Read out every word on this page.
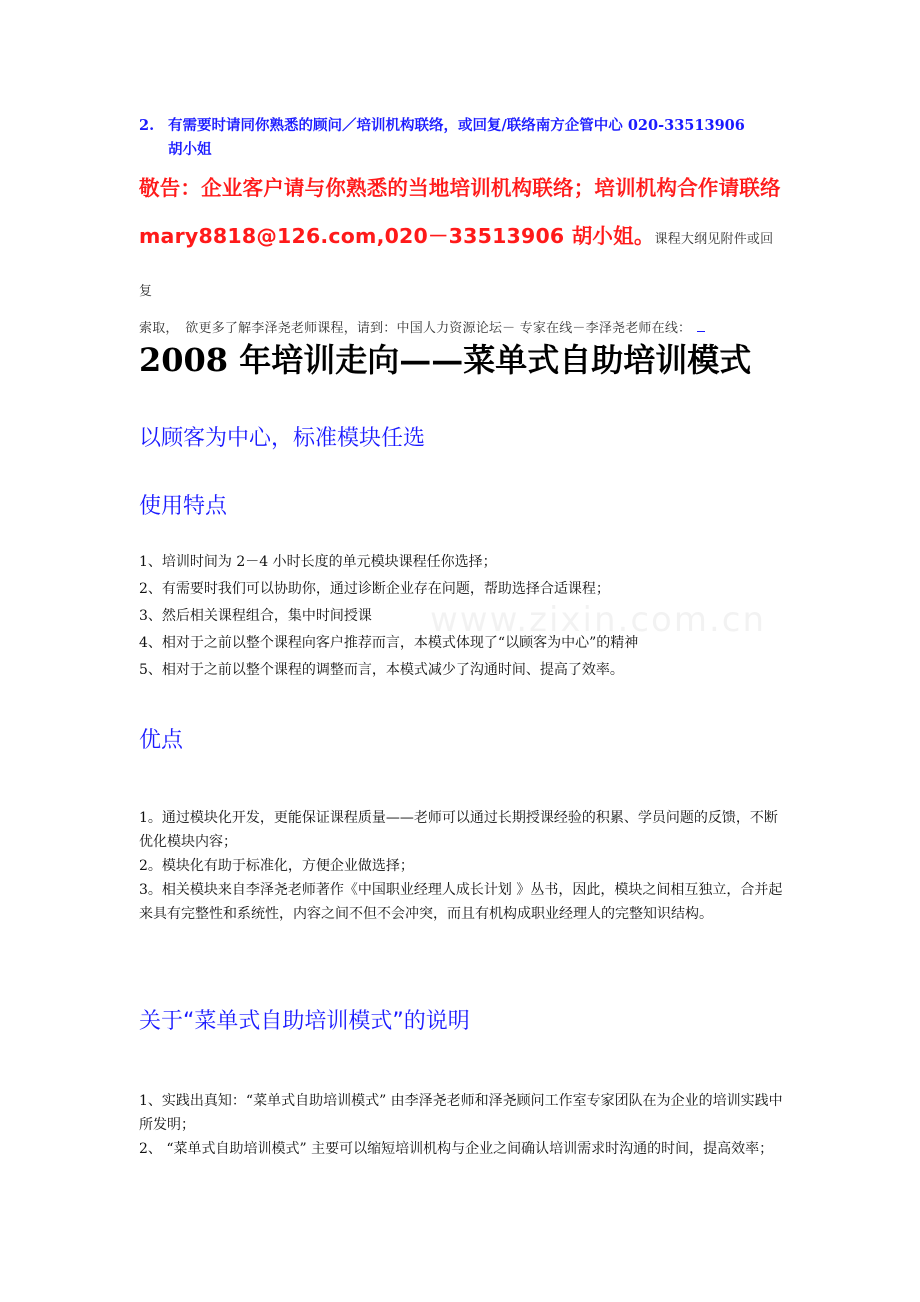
2. 有需要时请同你熟悉的顾问／培训机构联络，或回复/联络南方企管中心 020-33513906
胡小姐
敬告：企业客户请与你熟悉的当地培训机构联络；培训机构合作请联络 mary8818@126.com,020－33513906 胡小姐。课程大纲见附件或回复
索取，　欲更多了解李泽尧老师课程，请到：中国人力资源论坛－ 专家在线－李泽尧老师在线：
2008 年培训走向——菜单式自助培训模式
以顾客为中心，标准模块任选
使用特点

1、培训时间为 2－4 小时长度的单元模块课程任你选择；

2、有需要时我们可以协助你，通过诊断企业存在问题，帮助选择合适课程；

3、然后相关课程组合，集中时间授课

4、相对于之前以整个课程向客户推荐而言，本模式体现了“以顾客为中心”的精神

5、相对于之前以整个课程的调整而言，本模式减少了沟通时间、提高了效率。

www.zixin.com.cn
优点

1。通过模块化开发，更能保证课程质量——老师可以通过长期授课经验的积累、学员问题的反馈，不断优化模块内容；

2。模块化有助于标准化，方便企业做选择；

3。相关模块来自李泽尧老师著作《中国职业经理人成长计划 》丛书，因此，模块之间相互独立，合并起来具有完整性和系统性，内容之间不但不会冲突，而且有机构成职业经理人的完整知识结构。

关于“菜单式自助培训模式”的说明

1、实践出真知：“菜单式自助培训模式” 由李泽尧老师和泽尧顾问工作室专家团队在为企业的培训实践中所发明；

2、 “菜单式自助培训模式” 主要可以缩短培训机构与企业之间确认培训需求时沟通的时间，提高效率；
